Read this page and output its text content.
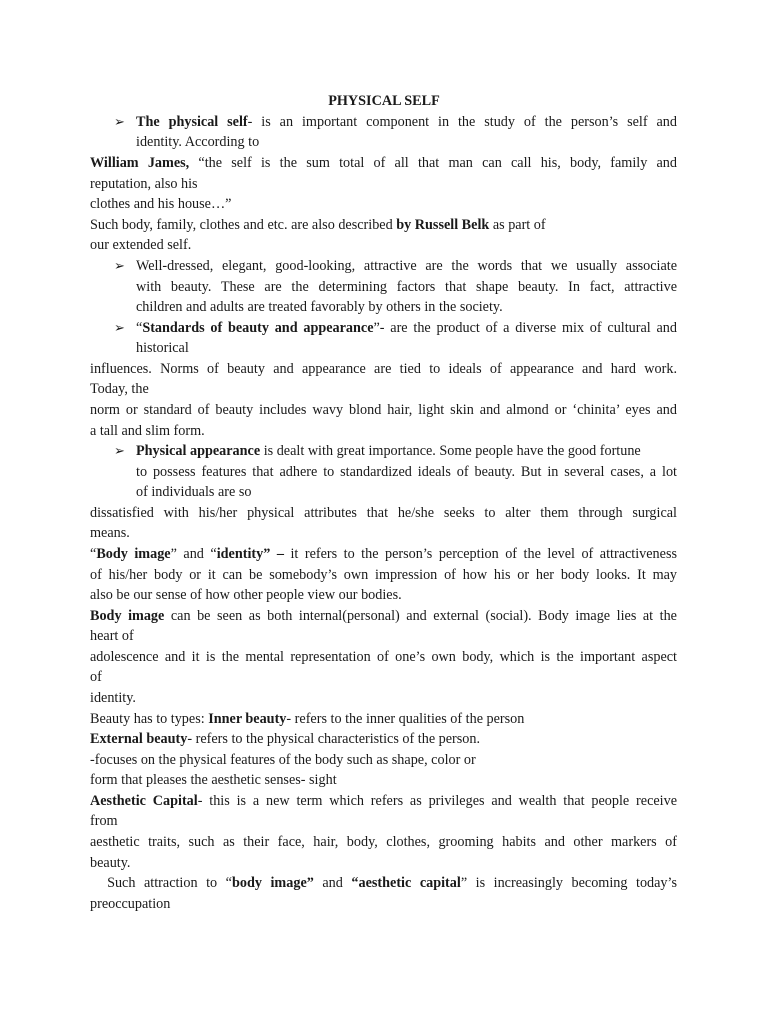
PHYSICAL SELF
➢ The physical self- is an important component in the study of the person’s self and
identity. According to
William James, “the self is the sum total of all that man can call his, body, family and
reputation, also his
clothes and his house…”
Such body, family, clothes and etc. are also described by Russell Belk as part of
our extended self.
➢ Well-dressed, elegant, good-looking, attractive are the words that we usually associate
with beauty. These are the determining factors that shape beauty. In fact, attractive
children and adults are treated favorably by others in the society.
➢ “Standards of beauty and appearance”- are the product of a diverse mix of cultural and
historical
influences. Norms of beauty and appearance are tied to ideals of appearance and hard work.
Today, the
norm or standard of beauty includes wavy blond hair, light skin and almond or ‘chinita’ eyes and
a tall and slim form.
➢ Physical appearance is dealt with great importance. Some people have the good fortune
to possess features that adhere to standardized ideals of beauty. But in several cases, a lot
of individuals are so
dissatisfied with his/her physical attributes that he/she seeks to alter them through surgical
means.
“Body image” and “identity” – it refers to the person’s perception of the level of attractiveness
of his/her body or it can be somebody’s own impression of how his or her body looks. It may
also be our sense of how other people view our bodies.
Body image can be seen as both internal(personal) and external (social). Body image lies at the
heart of
adolescence and it is the mental representation of one’s own body, which is the important aspect
of
identity.
Beauty has to types: Inner beauty- refers to the inner qualities of the person
External beauty- refers to the physical characteristics of the person.
-focuses on the physical features of the body such as shape, color or
form that pleases the aesthetic senses- sight
Aesthetic Capital- this is a new term which refers as privileges and wealth that people receive
from
aesthetic traits, such as their face, hair, body, clothes, grooming habits and other markers of
beauty.
Such attraction to “body image” and “aesthetic capital” is increasingly becoming today’s
preoccupation
